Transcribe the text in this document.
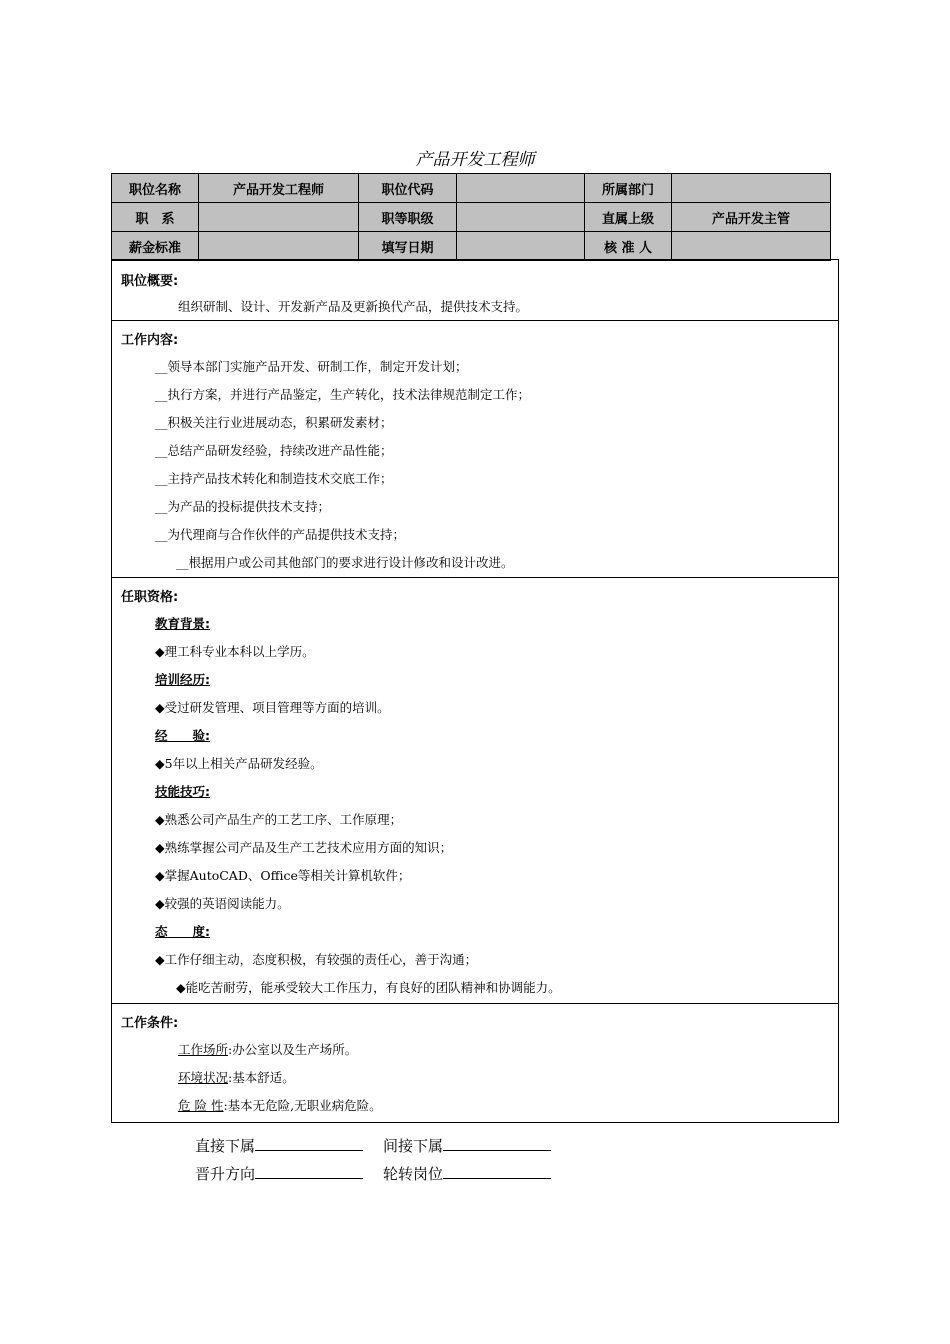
产品开发工程师
职位名称	产品开发工程师	职位代码		所属部门	
职　系		职等职级		直属上级	产品开发主管
薪金标准		填写日期		核 准 人	
职位概要:
组织研制、设计、开发新产品及更新换代产品，提供技术支持。
工作内容:
__领导本部门实施产品开发、研制工作，制定开发计划；
__执行方案，并进行产品鉴定，生产转化，技术法律规范制定工作；
__积极关注行业进展动态，积累研发素材；
__总结产品研发经验，持续改进产品性能；
__主持产品技术转化和制造技术交底工作；
__为产品的投标提供技术支持；
__为代理商与合作伙伴的产品提供技术支持；
__根据用户或公司其他部门的要求进行设计修改和设计改进。
任职资格:
教育背景:
◆理工科专业本科以上学历。
培训经历:
◆受过研发管理、项目管理等方面的培训。
经　　验:
◆5年以上相关产品研发经验。
技能技巧:
◆熟悉公司产品生产的工艺工序、工作原理；
◆熟练掌握公司产品及生产工艺技术应用方面的知识；
◆掌握AutoCAD、Office等相关计算机软件；
◆较强的英语阅读能力。
态　　度:
◆工作仔细主动，态度积极，有较强的责任心，善于沟通；
◆能吃苦耐劳，能承受较大工作压力，有良好的团队精神和协调能力。
工作条件:
工作场所:办公室以及生产场所。
环境状况:基本舒适。
危 险 性:基本无危险,无职业病危险。
直接下属	间接下属
晋升方向	轮转岗位
